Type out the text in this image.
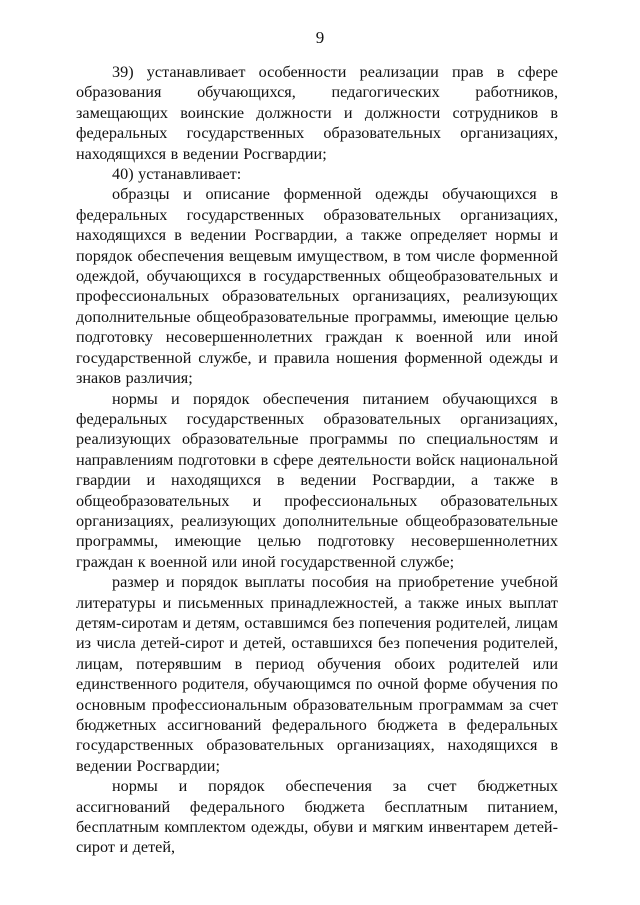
9

39) устанавливает особенности реализации прав в сфере образования обучающихся, педагогических работников, замещающих воинские должности и должности сотрудников в федеральных государственных образовательных организациях, находящихся в ведении Росгвардии;

40) устанавливает:

образцы и описание форменной одежды обучающихся в федеральных государственных образовательных организациях, находящихся в ведении Росгвардии, а также определяет нормы и порядок обеспечения вещевым имуществом, в том числе форменной одеждой, обучающихся в государственных общеобразовательных и профессиональных образовательных организациях, реализующих дополнительные общеобразовательные программы, имеющие целью подготовку несовершеннолетних граждан к военной или иной государственной службе, и правила ношения форменной одежды и знаков различия;

нормы и порядок обеспечения питанием обучающихся в федеральных государственных образовательных организациях, реализующих образовательные программы по специальностям и направлениям подготовки в сфере деятельности войск национальной гвардии и находящихся в ведении Росгвардии, а также в общеобразовательных и профессиональных образовательных организациях, реализующих дополнительные общеобразовательные программы, имеющие целью подготовку несовершеннолетних граждан к военной или иной государственной службе;

размер и порядок выплаты пособия на приобретение учебной литературы и письменных принадлежностей, а также иных выплат детям-сиротам и детям, оставшимся без попечения родителей, лицам из числа детей-сирот и детей, оставшихся без попечения родителей, лицам, потерявшим в период обучения обоих родителей или единственного родителя, обучающимся по очной форме обучения по основным профессиональным образовательным программам за счет бюджетных ассигнований федерального бюджета в федеральных государственных образовательных организациях, находящихся в ведении Росгвардии;

нормы и порядок обеспечения за счет бюджетных ассигнований федерального бюджета бесплатным питанием, бесплатным комплектом одежды, обуви и мягким инвентарем детей-сирот и детей,
